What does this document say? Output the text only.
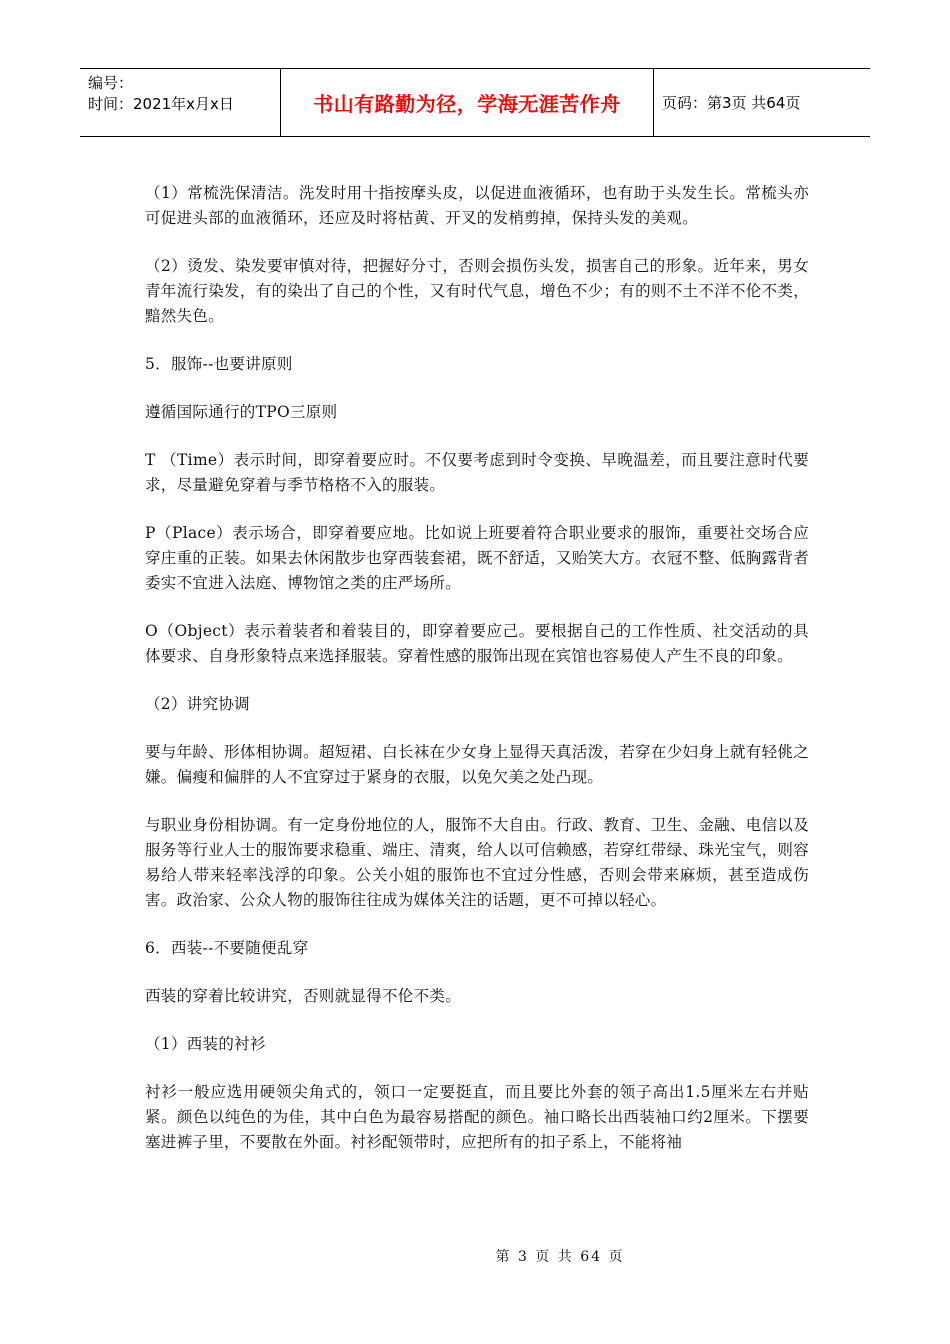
编号：
时间：2021年x月x日	书山有路勤为径，学海无涯苦作舟	页码：第3页 共64页

（1）常梳洗保清洁。洗发时用十指按摩头皮，以促进血液循环，也有助于头发生长。常梳头亦可促进头部的血液循环，还应及时将枯黄、开叉的发梢剪掉，保持头发的美观。

（2）烫发、染发要审慎对待，把握好分寸，否则会损伤头发，损害自己的形象。近年来，男女青年流行染发，有的染出了自己的个性，又有时代气息，增色不少；有的则不土不洋不伦不类，黯然失色。

5．服饰--也要讲原则

遵循国际通行的TPO三原则

T （Time）表示时间，即穿着要应时。不仅要考虑到时令变换、早晚温差，而且要注意时代要求，尽量避免穿着与季节格格不入的服装。

P（Place）表示场合，即穿着要应地。比如说上班要着符合职业要求的服饰，重要社交场合应穿庄重的正装。如果去休闲散步也穿西装套裙，既不舒适，又贻笑大方。衣冠不整、低胸露背者委实不宜进入法庭、博物馆之类的庄严场所。

O（Object）表示着装者和着装目的，即穿着要应己。要根据自己的工作性质、社交活动的具体要求、自身形象特点来选择服装。穿着性感的服饰出现在宾馆也容易使人产生不良的印象。

（2）讲究协调

要与年龄、形体相协调。超短裙、白长袜在少女身上显得天真活泼，若穿在少妇身上就有轻佻之嫌。偏瘦和偏胖的人不宜穿过于紧身的衣服，以免欠美之处凸现。

与职业身份相协调。有一定身份地位的人，服饰不大自由。行政、教育、卫生、金融、电信以及服务等行业人士的服饰要求稳重、端庄、清爽，给人以可信赖感，若穿红带绿、珠光宝气，则容易给人带来轻率浅浮的印象。公关小姐的服饰也不宜过分性感，否则会带来麻烦，甚至造成伤害。政治家、公众人物的服饰往往成为媒体关注的话题，更不可掉以轻心。

6．西装--不要随便乱穿

西装的穿着比较讲究，否则就显得不伦不类。

（1）西装的衬衫

衬衫一般应选用硬领尖角式的，领口一定要挺直，而且要比外套的领子高出1.5厘米左右并贴紧。颜色以纯色的为佳，其中白色为最容易搭配的颜色。袖口略长出西装袖口约2厘米。下摆要塞进裤子里，不要散在外面。衬衫配领带时，应把所有的扣子系上，不能将袖

第 3 页 共 64 页
